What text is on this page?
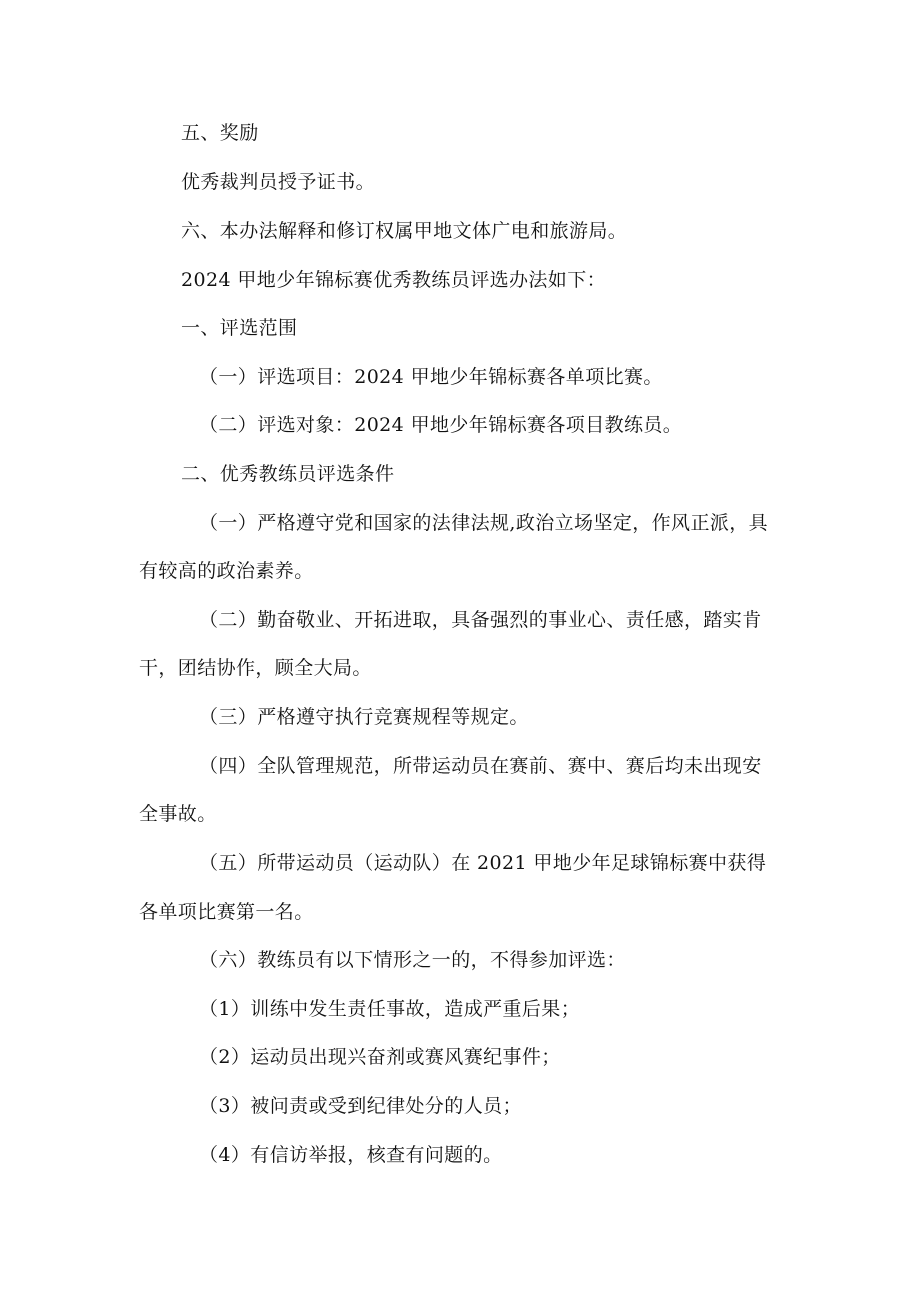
五、奖励
优秀裁判员授予证书。
六、本办法解释和修订权属甲地文体广电和旅游局。
2024 甲地少年锦标赛优秀教练员评选办法如下：
一、评选范围
（一）评选项目：2024 甲地少年锦标赛各单项比赛。
（二）评选对象：2024 甲地少年锦标赛各项目教练员。
二、优秀教练员评选条件
（一）严格遵守党和国家的法律法规,政治立场坚定，作风正派，具
有较高的政治素养。
（二）勤奋敬业、开拓进取，具备强烈的事业心、责任感，踏实肯
干，团结协作，顾全大局。
（三）严格遵守执行竞赛规程等规定。
（四）全队管理规范，所带运动员在赛前、赛中、赛后均未出现安
全事故。
（五）所带运动员（运动队）在 2021 甲地少年足球锦标赛中获得
各单项比赛第一名。
（六）教练员有以下情形之一的，不得参加评选：
（1）训练中发生责任事故，造成严重后果；
（2）运动员出现兴奋剂或赛风赛纪事件；
（3）被问责或受到纪律处分的人员；
（4）有信访举报，核查有问题的。
